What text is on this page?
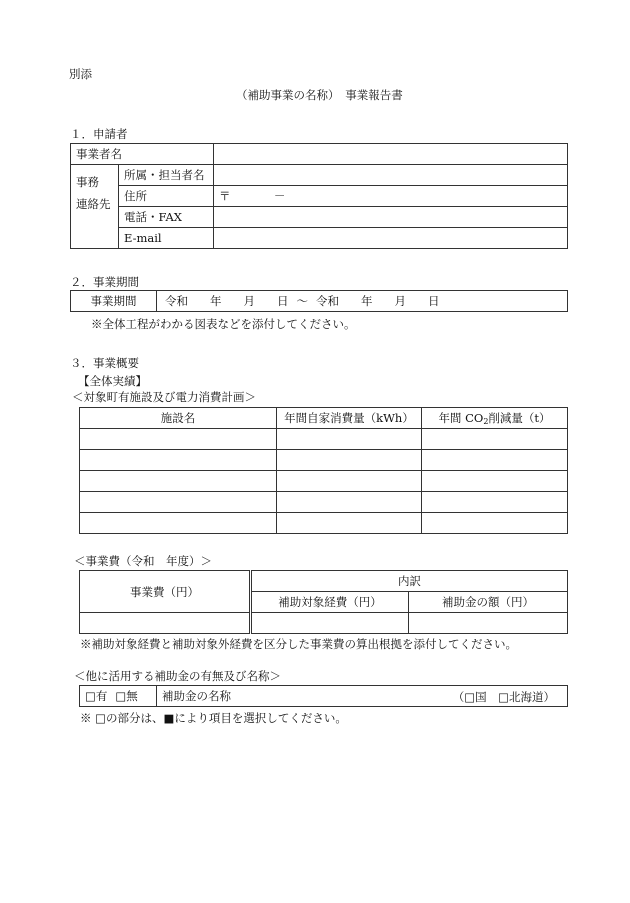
別添
（補助事業の名称）　事業報告書
１．申請者
事業者名		

事務
連絡先	所属・担当者名	
	住所	〒 －
	電話・FAX	
	E-mail	
２．事業期間
事業期間	令和 年 月 日 ～ 令和 年 月 日
※全体工程がわかる図表などを添付してください。
３．事業概要
【全体実績】
＜対象町有施設及び電力消費計画＞
施設名	年間自家消費量（kWh）	年間 CO2削減量（t）

＜事業費（令和　年度）＞
事業費（円）	内訳	
	補助対象経費（円）	補助金の額（円）

※補助対象経費と補助対象外経費を区分した事業費の算出根拠を添付してください。
＜他に活用する補助金の有無及び名称＞
□有 □無	補助金の名称	（□国　□北海道）
※ □の部分は、■により項目を選択してください。
